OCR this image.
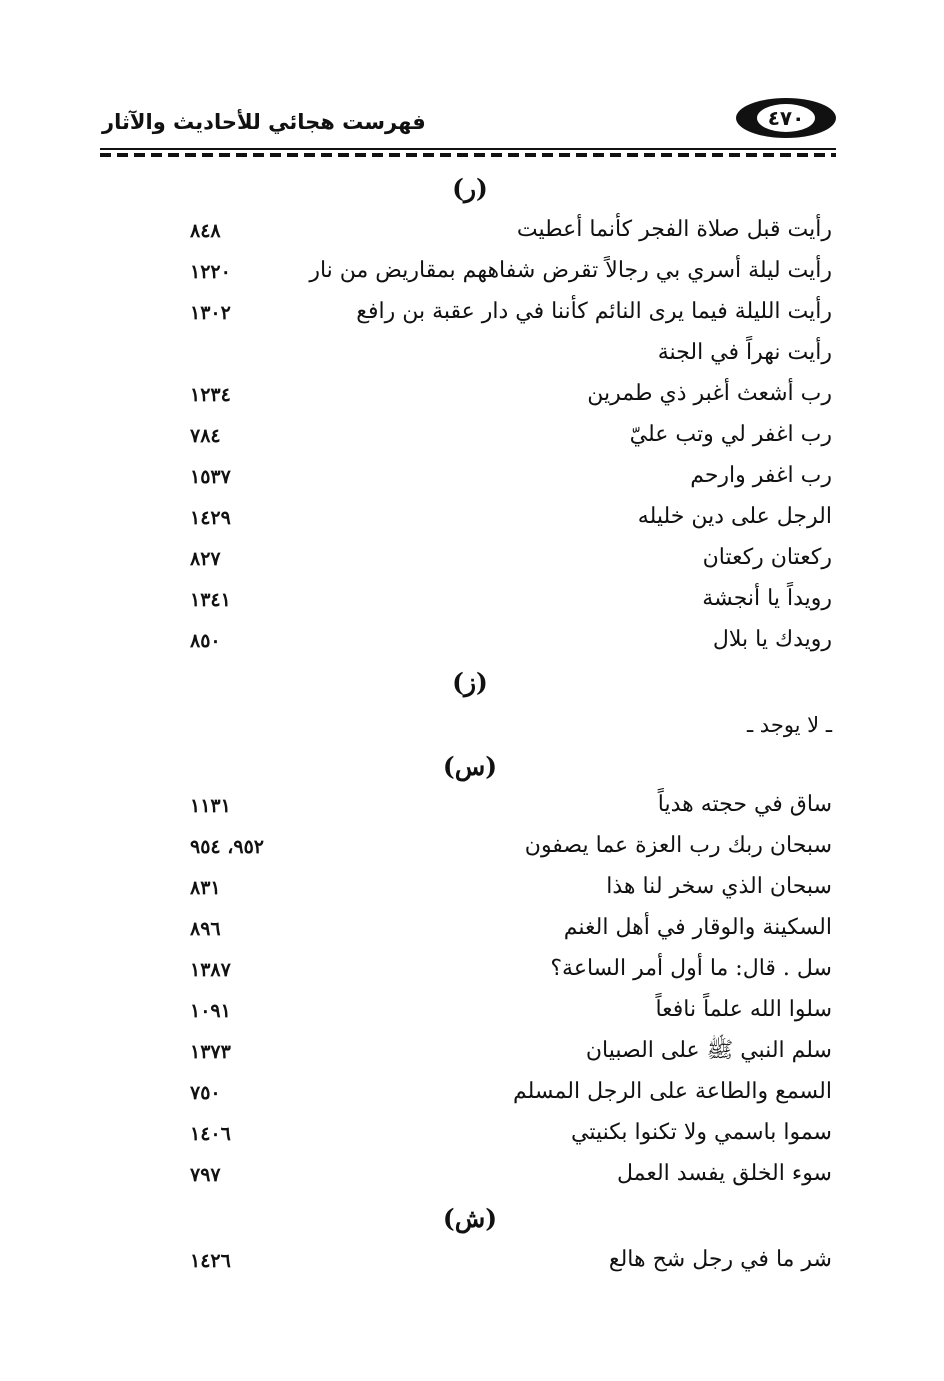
فهرست هجائي للأحاديث والآثار	٤٧٠
(ر)
رأيت قبل صلاة الفجر كأنما أعطيت
٨٤٨
رأيت ليلة أسري بي رجالاً تقرض شفاههم بمقاريض من نار
١٢٢٠
رأيت الليلة فيما يرى النائم كأننا في دار عقبة بن رافع
١٣٠٢
رأيت نهراً في الجنة
رب أشعث أغبر ذي طمرين
١٢٣٤
رب اغفر لي وتب عليّ
٧٨٤
رب اغفر وارحم
١٥٣٧
الرجل على دين خليله
١٤٢٩
ركعتان ركعتان
٨٢٧
رويداً يا أنجشة
١٣٤١
رويدك يا بلال
٨٥٠
(ز)
ـ لا يوجد ـ
(س)
ساق في حجته هدياً
١١٣١
سبحان ربك رب العزة عما يصفون
٩٥٢، ٩٥٤
سبحان الذي سخر لنا هذا
٨٣١
السكينة والوقار في أهل الغنم
٨٩٦
سل . قال: ما أول أمر الساعة؟
١٣٨٧
سلوا الله علماً نافعاً
١٠٩١
سلم النبي ﷺ على الصبيان
١٣٧٣
السمع والطاعة على الرجل المسلم
٧٥٠
سموا باسمي ولا تكنوا بكنيتي
١٤٠٦
سوء الخلق يفسد العمل
٧٩٧
(ش)
شر ما في رجل شح هالع
١٤٢٦
